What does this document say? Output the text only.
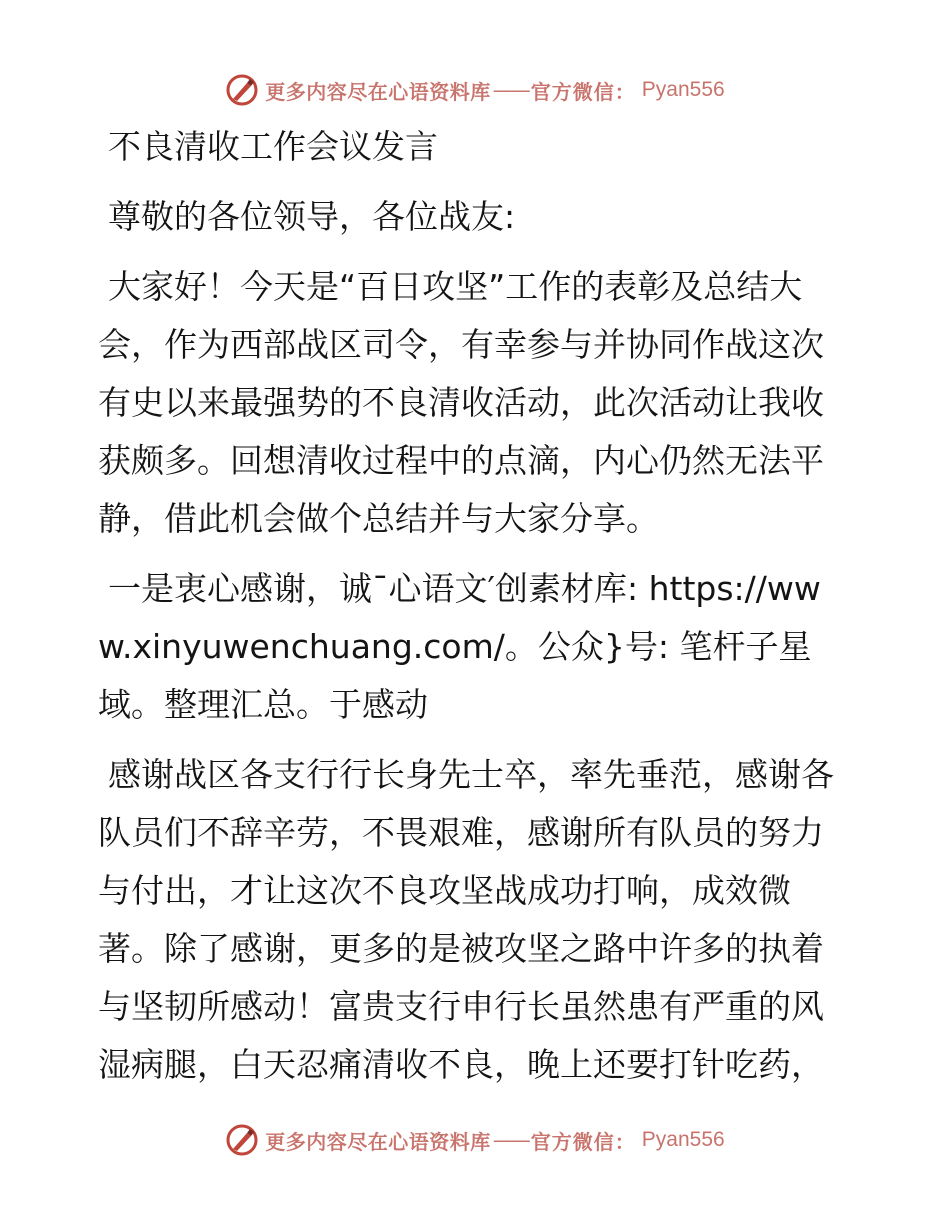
更多内容尽在心语资料库 —— 官方微信： Pyan556

不良清收工作会议发言

尊敬的各位领导，各位战友:

大家好！今天是“百日攻坚”工作的表彰及总结大会，作为西部战区司令，有幸参与并协同作战这次有史以来最强势的不良清收活动，此次活动让我收获颇多。回想清收过程中的点滴，内心仍然无法平静，借此机会做个总结并与大家分享。

一是衷心感谢，诚¯心语文′创素材库: https://www.xinyuwenchuang.com/。公众}号: 笔杆子星域。整理汇总。于感动

感谢战区各支行行长身先士卒，率先垂范，感谢各队员们不辞辛劳，不畏艰难，感谢所有队员的努力与付出，才让这次不良攻坚战成功打响，成效微著。除了感谢，更多的是被攻坚之路中许多的执着与坚韧所感动！富贵支行申行长虽然患有严重的风湿病腿，白天忍痛清收不良，晚上还要打针吃药，

更多内容尽在心语资料库 —— 官方微信： Pyan556
